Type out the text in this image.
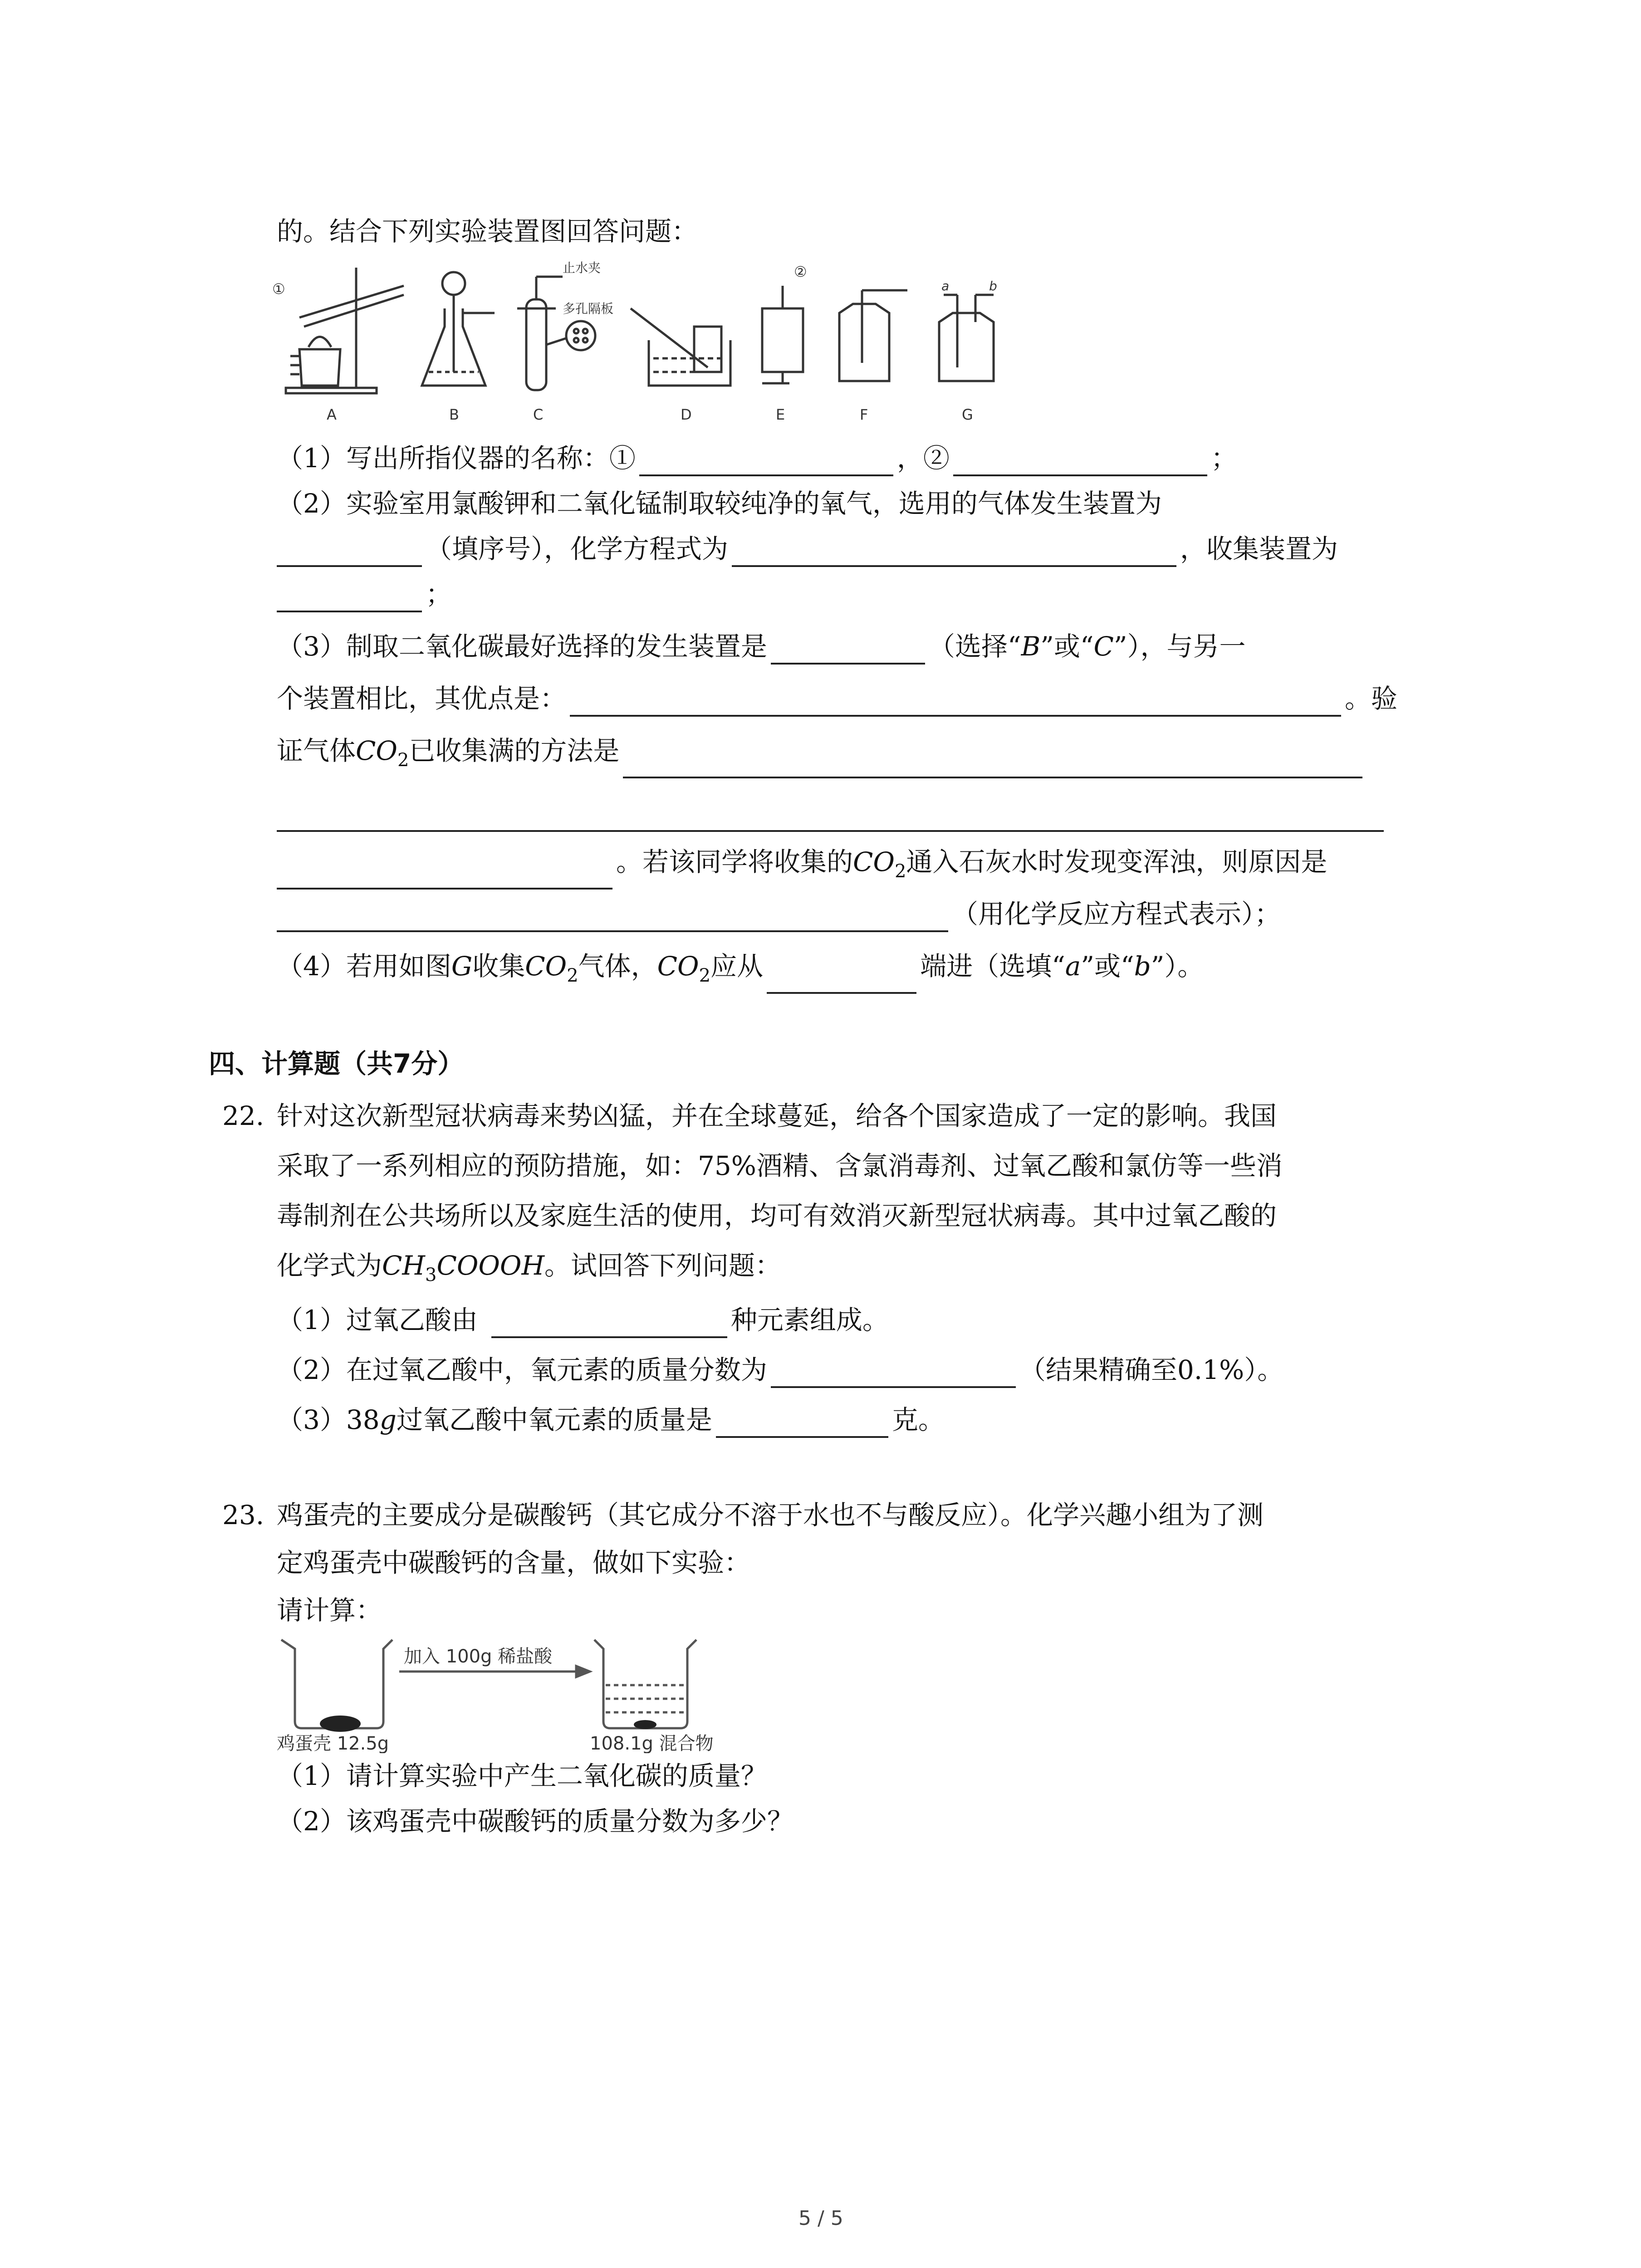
的。结合下列实验装置图回答问题：
A	B	C	D	E	F	G
①
②
止水夹
多孔隔板
a	b
（1）写出所指仪器的名称：①	，②	；
（2）实验室用氯酸钾和二氧化锰制取较纯净的氧气，选用的气体发生装置为
（填序号），化学方程式为	，收集装置为
；
（3）制取二氧化碳最好选择的发生装置是	（选择“B”或“C”），与另一
个装置相比，其优点是：	。验
证气体$CO_2$已收集满的方法是
。若该同学将收集的$CO_2$通入石灰水时发现变浑浊，则原因是
（用化学反应方程式表示）；
（4）若用如图G收集$CO_2$气体，$CO_2$应从	端进（选填“a”或“b”）。
四、计算题（共7分）
22. 针对这次新型冠状病毒来势凶猛，并在全球蔓延，给各个国家造成了一定的影响。我国
采取了一系列相应的预防措施，如：75%酒精、含氯消毒剂、过氧乙酸和氯仿等一些消
毒制剂在公共场所以及家庭生活的使用，均可有效消灭新型冠状病毒。其中过氧乙酸的
化学式为$CH_3COOOH$。试回答下列问题：
（1）过氧乙酸由	种元素组成。
（2）在过氧乙酸中，氧元素的质量分数为	（结果精确至0.1%）。
（3）38g过氧乙酸中氧元素的质量是	克。
23. 鸡蛋壳的主要成分是碳酸钙（其它成分不溶于水也不与酸反应）。化学兴趣小组为了测
定鸡蛋壳中碳酸钙的含量，做如下实验：
请计算：
加入 100g 稀盐酸
鸡蛋壳 12.5g	108.1g 混合物
（1）请计算实验中产生二氧化碳的质量？
（2）该鸡蛋壳中碳酸钙的质量分数为多少？
5 / 5
